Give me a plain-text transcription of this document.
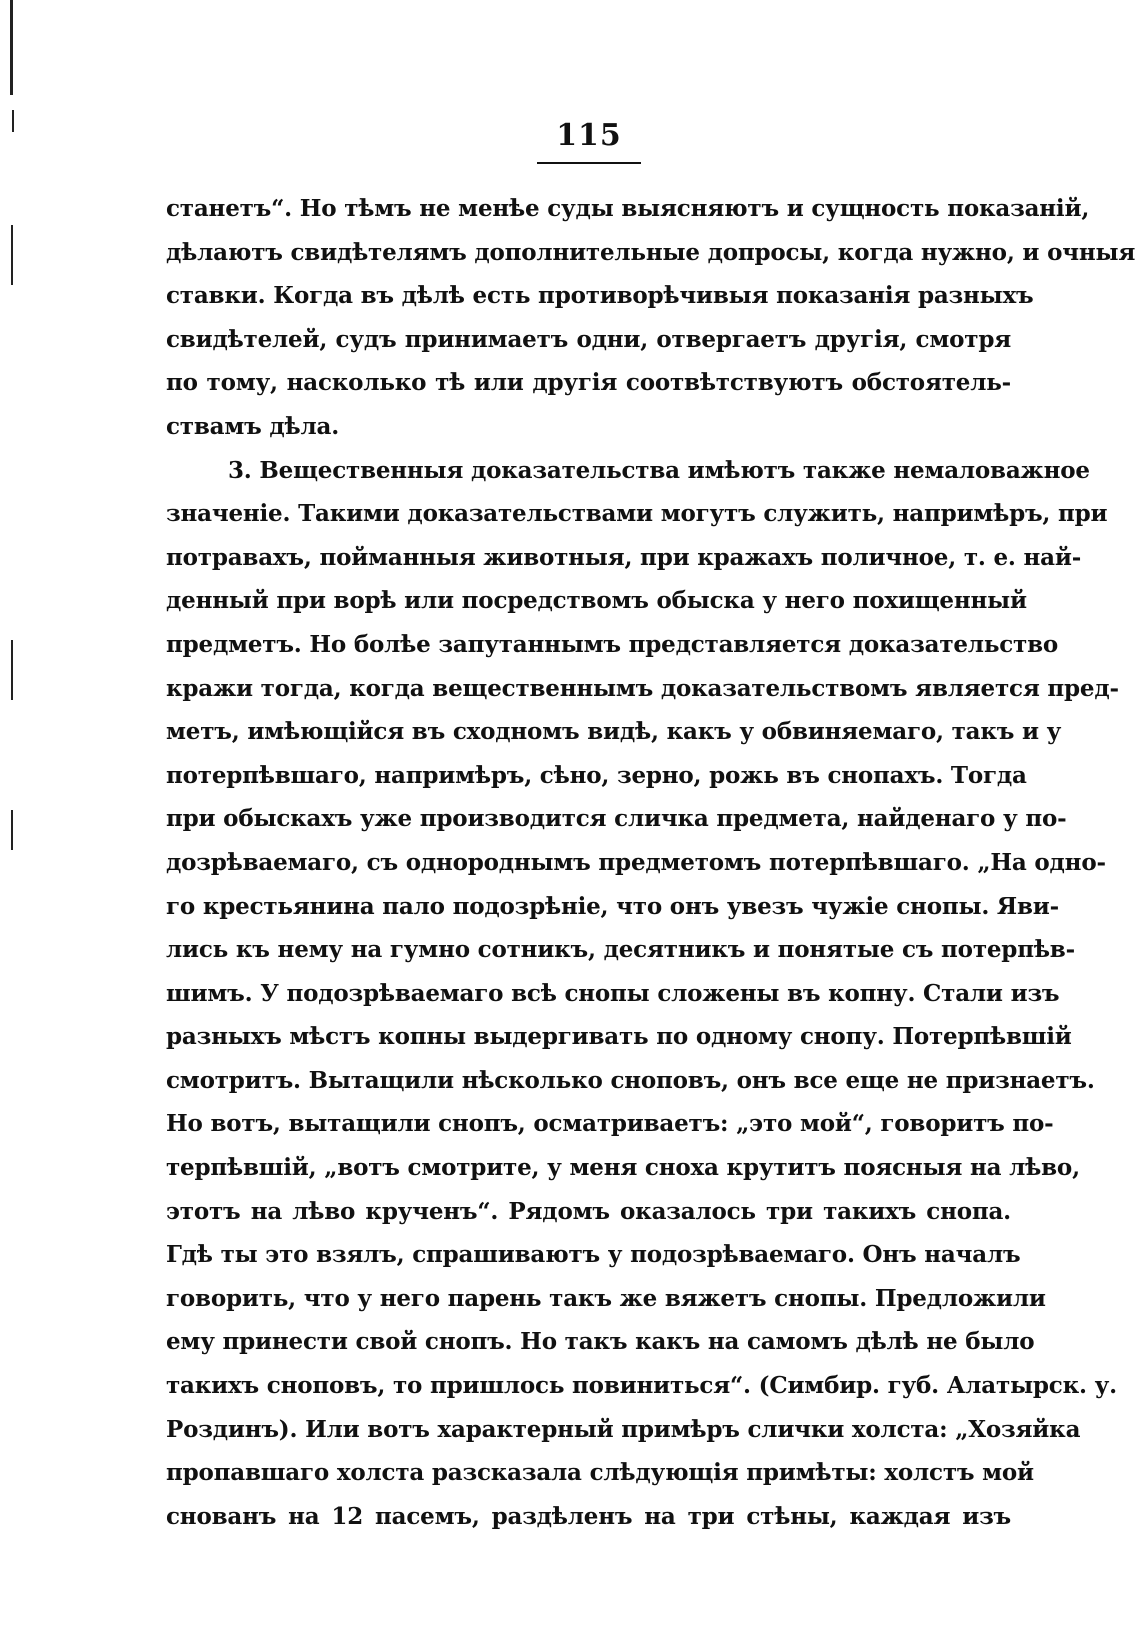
115
станетъ“. Но тѣмъ не менѣе суды выясняютъ и сущность показаній,
дѣлаютъ свидѣтелямъ дополнительные допросы, когда нужно, и очныя
ставки. Когда въ дѣлѣ есть противорѣчивыя показанія разныхъ
свидѣтелей, судъ принимаетъ одни, отвергаетъ другія, смотря
по тому, насколько тѣ или другія соотвѣтствуютъ обстоятель-
ствамъ дѣла.
3. Вещественныя доказательства имѣютъ также немаловажное
значеніе. Такими доказательствами могутъ служить, напримѣръ, при
потравахъ, пойманныя животныя, при кражахъ поличное, т. е. най-
денный при ворѣ или посредствомъ обыска у него похищенный
предметъ. Но болѣе запутаннымъ представляется доказательство
кражи тогда, когда вещественнымъ доказательствомъ является пред-
метъ, имѣющійся въ сходномъ видѣ, какъ у обвиняемаго, такъ и у
потерпѣвшаго, напримѣръ, сѣно, зерно, рожь въ снопахъ. Тогда
при обыскахъ уже производится сличка предмета, найденаго у по-
дозрѣваемаго, съ однороднымъ предметомъ потерпѣвшаго. „На одно-
го крестьянина пало подозрѣніе, что онъ увезъ чужіе снопы. Яви-
лись къ нему на гумно сотникъ, десятникъ и понятые съ потерпѣв-
шимъ. У подозрѣваемаго всѣ снопы сложены въ копну. Стали изъ
разныхъ мѣстъ копны выдергивать по одному снопу. Потерпѣвшій
смотритъ. Вытащили нѣсколько сноповъ, онъ все еще не признаетъ.
Но вотъ, вытащили снопъ, осматриваетъ: „это мой“, говоритъ по-
терпѣвшій, „вотъ смотрите, у меня сноха крутитъ поясныя на лѣво,
этотъ на лѣво крученъ“. Рядомъ оказалось три такихъ снопа.
Гдѣ ты это взялъ, спрашиваютъ у подозрѣваемаго. Онъ началъ
говорить, что у него парень такъ же вяжетъ снопы. Предложили
ему принести свой снопъ. Но такъ какъ на самомъ дѣлѣ не было
такихъ сноповъ, то пришлось повиниться“. (Симбир. губ. Алатырск. у.
Роздинъ). Или вотъ характерный примѣръ слички холста: „Хозяйка
пропавшаго холста разсказала слѣдующія примѣты: холстъ мой
снованъ на 12 пасемъ, раздѣленъ на три стѣны, каждая изъ
